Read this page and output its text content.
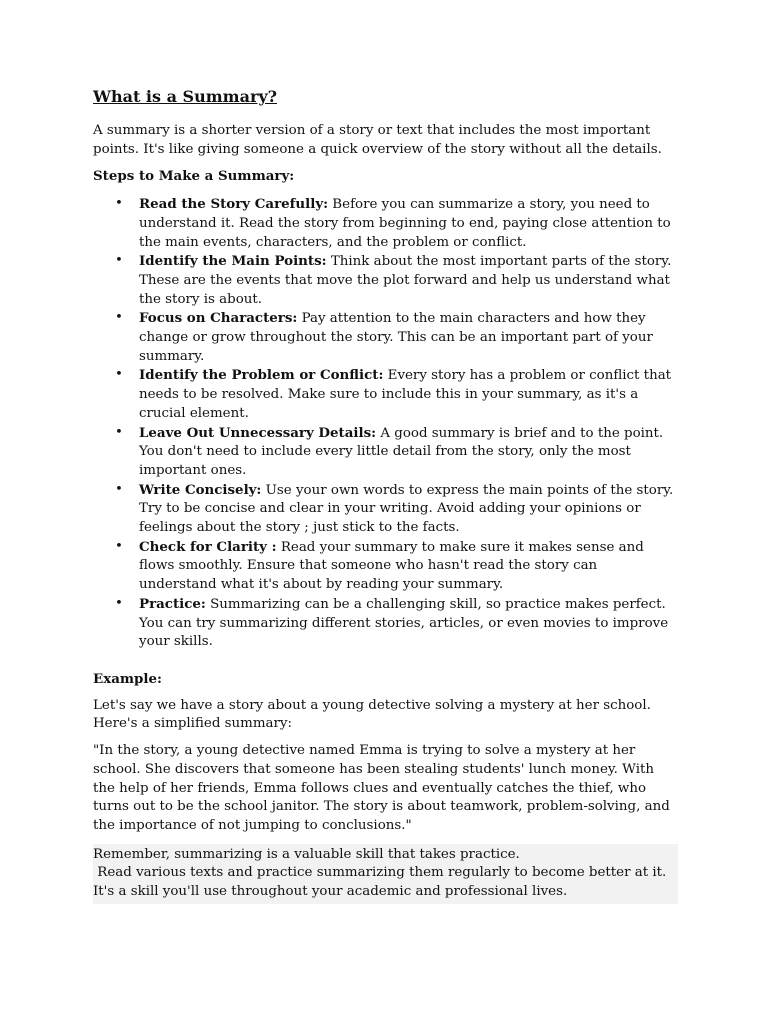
What is a Summary?
A summary is a shorter version of a story or text that includes the most important points. It's like giving someone a quick overview of the story without all the details.
Steps to Make a Summary:
• Read the Story Carefully: Before you can summarize a story, you need to understand it. Read the story from beginning to end, paying close attention to the main events, characters, and the problem or conflict.
• Identify the Main Points: Think about the most important parts of the story. These are the events that move the plot forward and help us understand what the story is about.
• Focus on Characters: Pay attention to the main characters and how they change or grow throughout the story. This can be an important part of your summary.
• Identify the Problem or Conflict: Every story has a problem or conflict that needs to be resolved. Make sure to include this in your summary, as it's a crucial element.
• Leave Out Unnecessary Details: A good summary is brief and to the point. You don't need to include every little detail from the story, only the most important ones.
• Write Concisely: Use your own words to express the main points of the story. Try to be concise and clear in your writing. Avoid adding your opinions or feelings about the story ; just stick to the facts.
• Check for Clarity : Read your summary to make sure it makes sense and flows smoothly. Ensure that someone who hasn't read the story can understand what it's about by reading your summary.
• Practice: Summarizing can be a challenging skill, so practice makes perfect. You can try summarizing different stories, articles, or even movies to improve your skills.
Example:
Let's say we have a story about a young detective solving a mystery at her school. Here's a simplified summary:
"In the story, a young detective named Emma is trying to solve a mystery at her school. She discovers that someone has been stealing students' lunch money. With the help of her friends, Emma follows clues and eventually catches the thief, who turns out to be the school janitor. The story is about teamwork, problem-solving, and the importance of not jumping to conclusions."
Remember, summarizing is a valuable skill that takes practice.
Read various texts and practice summarizing them regularly to become better at it. It's a skill you'll use throughout your academic and professional lives.
